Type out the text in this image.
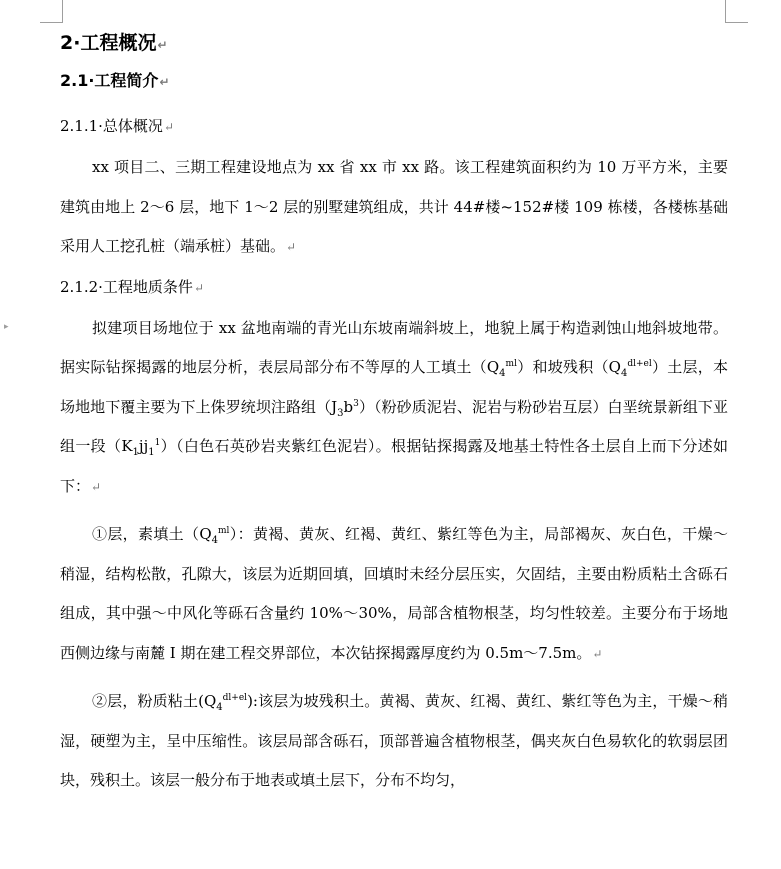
▸
2·工程概况↵
2.1·工程简介↵
2.1.1·总体概况↵

xx 项目二、三期工程建设地点为 xx 省 xx 市 xx 路。该工程建筑面积约为 10 万平方米，主要建筑由地上 2～6 层，地下 1～2 层的别墅建筑组成，共计 44#楼~152#楼 109 栋楼，各楼栋基础采用人工挖孔桩（端承桩）基础。↵

2.1.2·工程地质条件↵

拟建项目场地位于 xx 盆地南端的青光山东坡南端斜坡上，地貌上属于构造剥蚀山地斜坡地带。据实际钻探揭露的地层分析，表层局部分布不等厚的人工填土$(Q_4^{ml})$和坡残积$(Q_4^{dl+el})$土层，本场地地下覆主要为下上侏罗统坝注路组$(J_3b^3)$（粉砂质泥岩、泥岩与粉砂岩互层）白垩统景新组下亚组一段$(K_1jj_1^1)$（白色石英砂岩夹紫红色泥岩）。根据钻探揭露及地基土特性各土层自上而下分述如下：↵

①层，素填土$(Q_4^{ml})$：黄褐、黄灰、红褐、黄红、紫红等色为主，局部褐灰、灰白色，干燥～稍湿，结构松散，孔隙大，该层为近期回填，回填时未经分层压实，欠固结，主要由粉质粘土含砾石组成，其中强～中风化等砾石含量约 10%～30%，局部含植物根茎，均匀性较差。主要分布于场地西侧边缘与南麓 I 期在建工程交界部位，本次钻探揭露厚度约为 0.5m～7.5m。↵

②层，粉质粘土$(Q_4^{dl+el})$:该层为坡残积土。黄褐、黄灰、红褐、黄红、紫红等色为主，干燥～稍湿，硬塑为主，呈中压缩性。该层局部含砾石，顶部普遍含植物根茎，偶夹灰白色易软化的软弱层团块，残积土。该层一般分布于地表或填土层下，分布不均匀，
